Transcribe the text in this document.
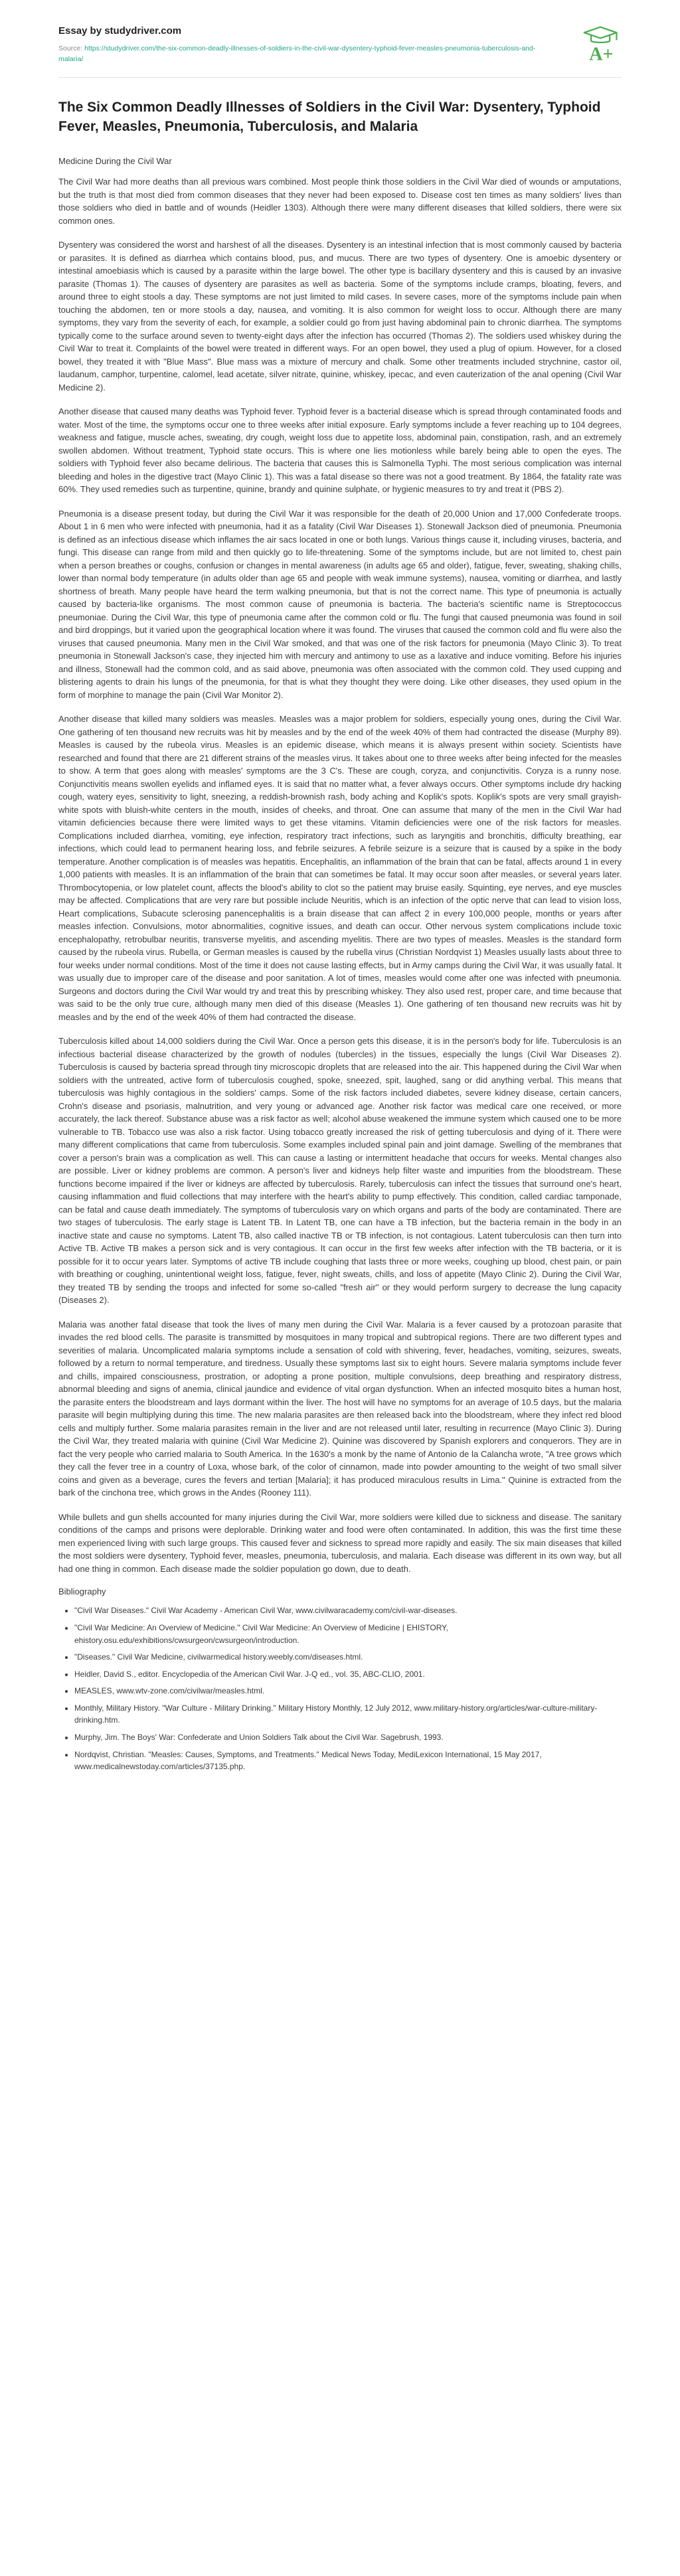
Essay by studydriver.com
Source: https://studydriver.com/the-six-common-deadly-illnesses-of-soldiers-in-the-civil-war-dysentery-typhoid-fever-measles-pneumonia-tuberculosis-and-malaria/	A+
The Six Common Deadly Illnesses of Soldiers in the Civil War: Dysentery, Typhoid Fever, Measles, Pneumonia, Tuberculosis, and Malaria
Medicine During the Civil War

The Civil War had more deaths than all previous wars combined. Most people think those soldiers in the Civil War died of wounds or amputations, but the truth is that most died from common diseases that they never had been exposed to. Disease cost ten times as many soldiers' lives than those soldiers who died in battle and of wounds (Heidler 1303). Although there were many different diseases that killed soldiers, there were six common ones.

Dysentery was considered the worst and harshest of all the diseases. Dysentery is an intestinal infection that is most commonly caused by bacteria or parasites. It is defined as diarrhea which contains blood, pus, and mucus. There are two types of dysentery. One is amoebic dysentery or intestinal amoebiasis which is caused by a parasite within the large bowel. The other type is bacillary dysentery and this is caused by an invasive parasite (Thomas 1). The causes of dysentery are parasites as well as bacteria. Some of the symptoms include cramps, bloating, fevers, and around three to eight stools a day. These symptoms are not just limited to mild cases. In severe cases, more of the symptoms include pain when touching the abdomen, ten or more stools a day, nausea, and vomiting. It is also common for weight loss to occur. Although there are many symptoms, they vary from the severity of each, for example, a soldier could go from just having abdominal pain to chronic diarrhea. The symptoms typically come to the surface around seven to twenty-eight days after the infection has occurred (Thomas 2). The soldiers used whiskey during the Civil War to treat it. Complaints of the bowel were treated in different ways. For an open bowel, they used a plug of opium. However, for a closed bowel, they treated it with "Blue Mass". Blue mass was a mixture of mercury and chalk. Some other treatments included strychnine, castor oil, laudanum, camphor, turpentine, calomel, lead acetate, silver nitrate, quinine, whiskey, ipecac, and even cauterization of the anal opening (Civil War Medicine 2).

Another disease that caused many deaths was Typhoid fever. Typhoid fever is a bacterial disease which is spread through contaminated foods and water. Most of the time, the symptoms occur one to three weeks after initial exposure. Early symptoms include a fever reaching up to 104 degrees, weakness and fatigue, muscle aches, sweating, dry cough, weight loss due to appetite loss, abdominal pain, constipation, rash, and an extremely swollen abdomen. Without treatment, Typhoid state occurs. This is where one lies motionless while barely being able to open the eyes. The soldiers with Typhoid fever also became delirious. The bacteria that causes this is Salmonella Typhi. The most serious complication was internal bleeding and holes in the digestive tract (Mayo Clinic 1). This was a fatal disease so there was not a good treatment. By 1864, the fatality rate was 60%. They used remedies such as turpentine, quinine, brandy and quinine sulphate, or hygienic measures to try and treat it (PBS 2).

Pneumonia is a disease present today, but during the Civil War it was responsible for the death of 20,000 Union and 17,000 Confederate troops. About 1 in 6 men who were infected with pneumonia, had it as a fatality (Civil War Diseases 1). Stonewall Jackson died of pneumonia. Pneumonia is defined as an infectious disease which inflames the air sacs located in one or both lungs. Various things cause it, including viruses, bacteria, and fungi. This disease can range from mild and then quickly go to life-threatening. Some of the symptoms include, but are not limited to, chest pain when a person breathes or coughs, confusion or changes in mental awareness (in adults age 65 and older), fatigue, fever, sweating, shaking chills, lower than normal body temperature (in adults older than age 65 and people with weak immune systems), nausea, vomiting or diarrhea, and lastly shortness of breath. Many people have heard the term walking pneumonia, but that is not the correct name. This type of pneumonia is actually caused by bacteria-like organisms. The most common cause of pneumonia is bacteria. The bacteria's scientific name is Streptococcus pneumoniae. During the Civil War, this type of pneumonia came after the common cold or flu. The fungi that caused pneumonia was found in soil and bird droppings, but it varied upon the geographical location where it was found. The viruses that caused the common cold and flu were also the viruses that caused pneumonia. Many men in the Civil War smoked, and that was one of the risk factors for pneumonia (Mayo Clinic 3). To treat pneumonia in Stonewall Jackson's case, they injected him with mercury and antimony to use as a laxative and induce vomiting. Before his injuries and illness, Stonewall had the common cold, and as said above, pneumonia was often associated with the common cold. They used cupping and blistering agents to drain his lungs of the pneumonia, for that is what they thought they were doing. Like other diseases, they used opium in the form of morphine to manage the pain (Civil War Monitor 2).

Another disease that killed many soldiers was measles. Measles was a major problem for soldiers, especially young ones, during the Civil War. One gathering of ten thousand new recruits was hit by measles and by the end of the week 40% of them had contracted the disease (Murphy 89). Measles is caused by the rubeola virus. Measles is an epidemic disease, which means it is always present within society. Scientists have researched and found that there are 21 different strains of the measles virus. It takes about one to three weeks after being infected for the measles to show. A term that goes along with measles' symptoms are the 3 C's. These are cough, coryza, and conjunctivitis. Coryza is a runny nose. Conjunctivitis means swollen eyelids and inflamed eyes. It is said that no matter what, a fever always occurs. Other symptoms include dry hacking cough, watery eyes, sensitivity to light, sneezing, a reddish-brownish rash, body aching and Koplik's spots. Koplik's spots are very small grayish-white spots with bluish-white centers in the mouth, insides of cheeks, and throat. One can assume that many of the men in the Civil War had vitamin deficiencies because there were limited ways to get these vitamins. Vitamin deficiencies were one of the risk factors for measles. Complications included diarrhea, vomiting, eye infection, respiratory tract infections, such as laryngitis and bronchitis, difficulty breathing, ear infections, which could lead to permanent hearing loss, and febrile seizures. A febrile seizure is a seizure that is caused by a spike in the body temperature. Another complication is of measles was hepatitis. Encephalitis, an inflammation of the brain that can be fatal, affects around 1 in every 1,000 patients with measles. It is an inflammation of the brain that can sometimes be fatal. It may occur soon after measles, or several years later. Thrombocytopenia, or low platelet count, affects the blood's ability to clot so the patient may bruise easily. Squinting, eye nerves, and eye muscles may be affected. Complications that are very rare but possible include Neuritis, which is an infection of the optic nerve that can lead to vision loss, Heart complications, Subacute sclerosing panencephalitis is a brain disease that can affect 2 in every 100,000 people, months or years after measles infection. Convulsions, motor abnormalities, cognitive issues, and death can occur. Other nervous system complications include toxic encephalopathy, retrobulbar neuritis, transverse myelitis, and ascending myelitis. There are two types of measles. Measles is the standard form caused by the rubeola virus. Rubella, or German measles is caused by the rubella virus (Christian Nordqvist 1) Measles usually lasts about three to four weeks under normal conditions. Most of the time it does not cause lasting effects, but in Army camps during the Civil War, it was usually fatal. It was usually due to improper care of the disease and poor sanitation. A lot of times, measles would come after one was infected with pneumonia. Surgeons and doctors during the Civil War would try and treat this by prescribing whiskey. They also used rest, proper care, and time because that was said to be the only true cure, although many men died of this disease (Measles 1). One gathering of ten thousand new recruits was hit by measles and by the end of the week 40% of them had contracted the disease.

Tuberculosis killed about 14,000 soldiers during the Civil War. Once a person gets this disease, it is in the person's body for life. Tuberculosis is an infectious bacterial disease characterized by the growth of nodules (tubercles) in the tissues, especially the lungs (Civil War Diseases 2). Tuberculosis is caused by bacteria spread through tiny microscopic droplets that are released into the air. This happened during the Civil War when soldiers with the untreated, active form of tuberculosis coughed, spoke, sneezed, spit, laughed, sang or did anything verbal. This means that tuberculosis was highly contagious in the soldiers' camps. Some of the risk factors included diabetes, severe kidney disease, certain cancers, Crohn's disease and psoriasis, malnutrition, and very young or advanced age. Another risk factor was medical care one received, or more accurately, the lack thereof. Substance abuse was a risk factor as well; alcohol abuse weakened the immune system which caused one to be more vulnerable to TB. Tobacco use was also a risk factor. Using tobacco greatly increased the risk of getting tuberculosis and dying of it. There were many different complications that came from tuberculosis. Some examples included spinal pain and joint damage. Swelling of the membranes that cover a person's brain was a complication as well. This can cause a lasting or intermittent headache that occurs for weeks. Mental changes also are possible. Liver or kidney problems are common. A person's liver and kidneys help filter waste and impurities from the bloodstream. These functions become impaired if the liver or kidneys are affected by tuberculosis. Rarely, tuberculosis can infect the tissues that surround one's heart, causing inflammation and fluid collections that may interfere with the heart's ability to pump effectively. This condition, called cardiac tamponade, can be fatal and cause death immediately. The symptoms of tuberculosis vary on which organs and parts of the body are contaminated. There are two stages of tuberculosis. The early stage is Latent TB. In Latent TB, one can have a TB infection, but the bacteria remain in the body in an inactive state and cause no symptoms. Latent TB, also called inactive TB or TB infection, is not contagious. Latent tuberculosis can then turn into Active TB. Active TB makes a person sick and is very contagious. It can occur in the first few weeks after infection with the TB bacteria, or it is possible for it to occur years later. Symptoms of active TB include coughing that lasts three or more weeks, coughing up blood, chest pain, or pain with breathing or coughing, unintentional weight loss, fatigue, fever, night sweats, chills, and loss of appetite (Mayo Clinic 2). During the Civil War, they treated TB by sending the troops and infected for some so-called "fresh air" or they would perform surgery to decrease the lung capacity (Diseases 2).

Malaria was another fatal disease that took the lives of many men during the Civil War. Malaria is a fever caused by a protozoan parasite that invades the red blood cells. The parasite is transmitted by mosquitoes in many tropical and subtropical regions. There are two different types and severities of malaria. Uncomplicated malaria symptoms include a sensation of cold with shivering, fever, headaches, vomiting, seizures, sweats, followed by a return to normal temperature, and tiredness. Usually these symptoms last six to eight hours. Severe malaria symptoms include fever and chills, impaired consciousness, prostration, or adopting a prone position, multiple convulsions, deep breathing and respiratory distress, abnormal bleeding and signs of anemia, clinical jaundice and evidence of vital organ dysfunction. When an infected mosquito bites a human host, the parasite enters the bloodstream and lays dormant within the liver. The host will have no symptoms for an average of 10.5 days, but the malaria parasite will begin multiplying during this time. The new malaria parasites are then released back into the bloodstream, where they infect red blood cells and multiply further. Some malaria parasites remain in the liver and are not released until later, resulting in recurrence (Mayo Clinic 3). During the Civil War, they treated malaria with quinine (Civil War Medicine 2). Quinine was discovered by Spanish explorers and conquerors. They are in fact the very people who carried malaria to South America. In the 1630's a monk by the name of Antonio de la Calancha wrote, "A tree grows which they call the fever tree in a country of Loxa, whose bark, of the color of cinnamon, made into powder amounting to the weight of two small silver coins and given as a beverage, cures the fevers and tertian [Malaria]; it has produced miraculous results in Lima." Quinine is extracted from the bark of the cinchona tree, which grows in the Andes (Rooney 111).

While bullets and gun shells accounted for many injuries during the Civil War, more soldiers were killed due to sickness and disease. The sanitary conditions of the camps and prisons were deplorable. Drinking water and food were often contaminated. In addition, this was the first time these men experienced living with such large groups. This caused fever and sickness to spread more rapidly and easily. The six main diseases that killed the most soldiers were dysentery, Typhoid fever, measles, pneumonia, tuberculosis, and malaria. Each disease was different in its own way, but all had one thing in common. Each disease made the soldier population go down, due to death.

Bibliography
• "Civil War Diseases." Civil War Academy - American Civil War, www.civilwaracademy.com/civil-war-diseases.
• "Civil War Medicine: An Overview of Medicine." Civil War Medicine: An Overview of Medicine | EHISTORY, ehistory.osu.edu/exhibitions/cwsurgeon/cwsurgeon/introduction.
• "Diseases." Civil War Medicine, civilwarmedical history.weebly.com/diseases.html.
• Heidler, David S., editor. Encyclopedia of the American Civil War. J-Q ed., vol. 35, ABC-CLIO, 2001.
• MEASLES, www.wtv-zone.com/civilwar/measles.html.
• Monthly, Military History. "War Culture - Military Drinking." Military History Monthly, 12 July 2012, www.military-history.org/articles/war-culture-military-drinking.htm.
• Murphy, Jim. The Boys' War: Confederate and Union Soldiers Talk about the Civil War. Sagebrush, 1993.
• Nordqvist, Christian. "Measles: Causes, Symptoms, and Treatments." Medical News Today, MediLexicon International, 15 May 2017, www.medicalnewstoday.com/articles/37135.php.
